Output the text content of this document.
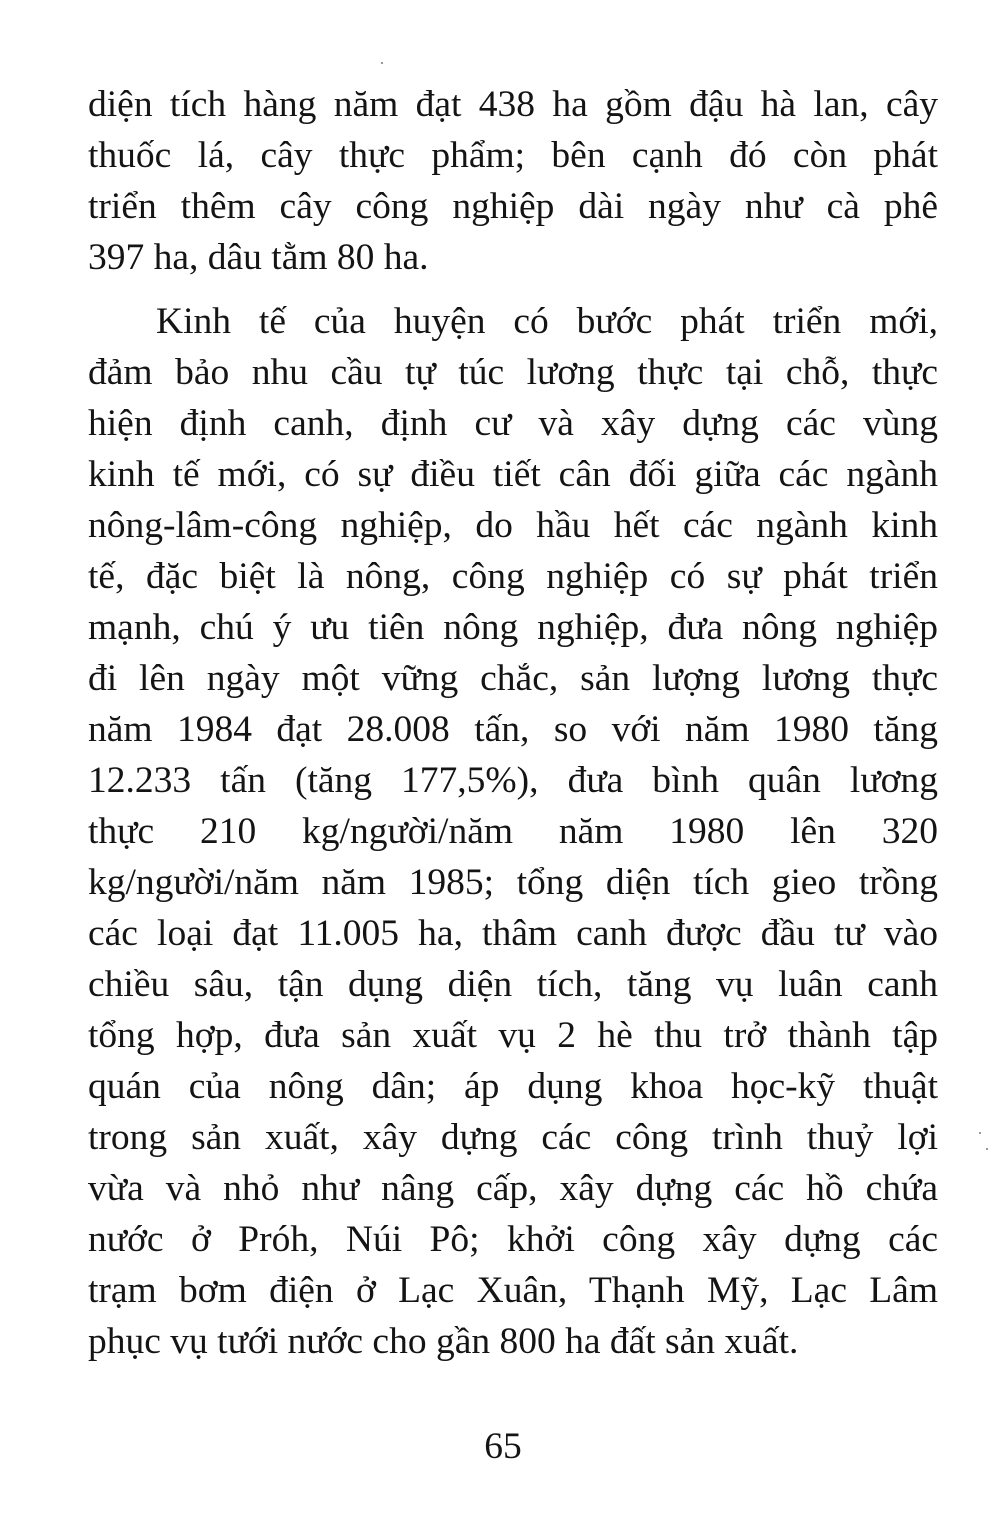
diện tích hàng năm đạt 438 ha gồm đậu hà lan, cây
thuốc lá, cây thực phẩm; bên cạnh đó còn phát
triển thêm cây công nghiệp dài ngày như cà phê
397 ha, dâu tằm 80 ha.
Kinh tế của huyện có bước phát triển mới,
đảm bảo nhu cầu tự túc lương thực tại chỗ, thực
hiện định canh, định cư và xây dựng các vùng
kinh tế mới, có sự điều tiết cân đối giữa các ngành
nông-lâm-công nghiệp, do hầu hết các ngành kinh
tế, đặc biệt là nông, công nghiệp có sự phát triển
mạnh, chú ý ưu tiên nông nghiệp, đưa nông nghiệp
đi lên ngày một vững chắc, sản lượng lương thực
năm 1984 đạt 28.008 tấn, so với năm 1980 tăng
12.233 tấn (tăng 177,5%), đưa bình quân lương
thực 210 kg/người/năm năm 1980 lên 320
kg/người/năm năm 1985; tổng diện tích gieo trồng
các loại đạt 11.005 ha, thâm canh được đầu tư vào
chiều sâu, tận dụng diện tích, tăng vụ luân canh
tổng hợp, đưa sản xuất vụ 2 hè thu trở thành tập
quán của nông dân; áp dụng khoa học-kỹ thuật
trong sản xuất, xây dựng các công trình thuỷ lợi
vừa và nhỏ như nâng cấp, xây dựng các hồ chứa
nước ở Próh, Núi Pô; khởi công xây dựng các
trạm bơm điện ở Lạc Xuân, Thạnh Mỹ, Lạc Lâm
phục vụ tưới nước cho gần 800 ha đất sản xuất.
65
